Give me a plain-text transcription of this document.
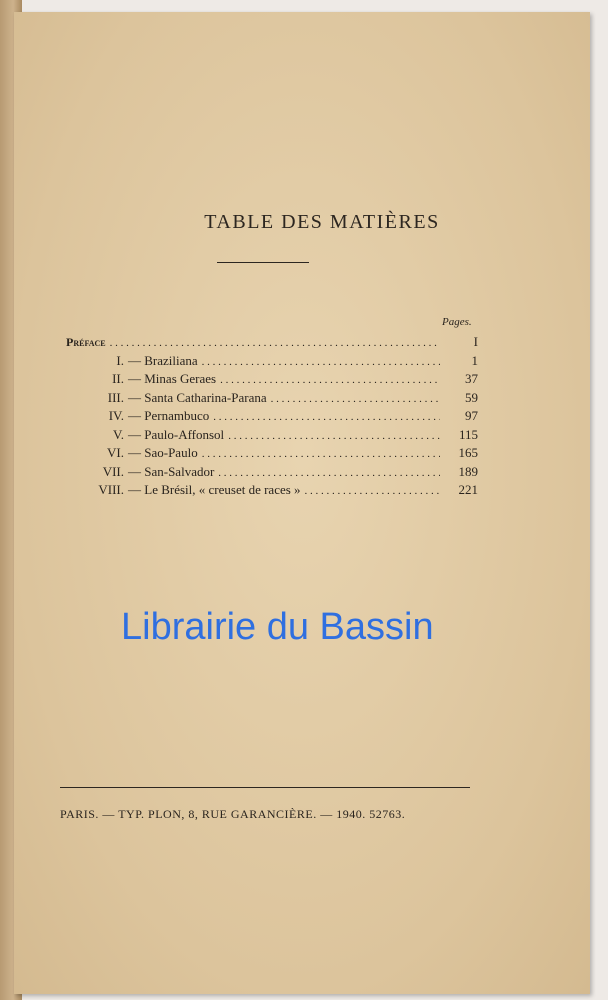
TABLE DES MATIÈRES
Pages.
Préface . . .	I
I. — Braziliana . . .	1
II. — Minas Geraes . . .	37
III. — Santa Catharina-Parana . . .	59
IV. — Pernambuco . . .	97
V. — Paulo-Affonsol . . .	115
VI. — Sao-Paulo . . .	165
VII. — San-Salvador . . .	189
VIII. — Le Brésil, « creuset de races » . . .	221
PARIS. — TYP. PLON, 8, RUE GARANCIÈRE. — 1940. 52763.
Librairie du Bassin
